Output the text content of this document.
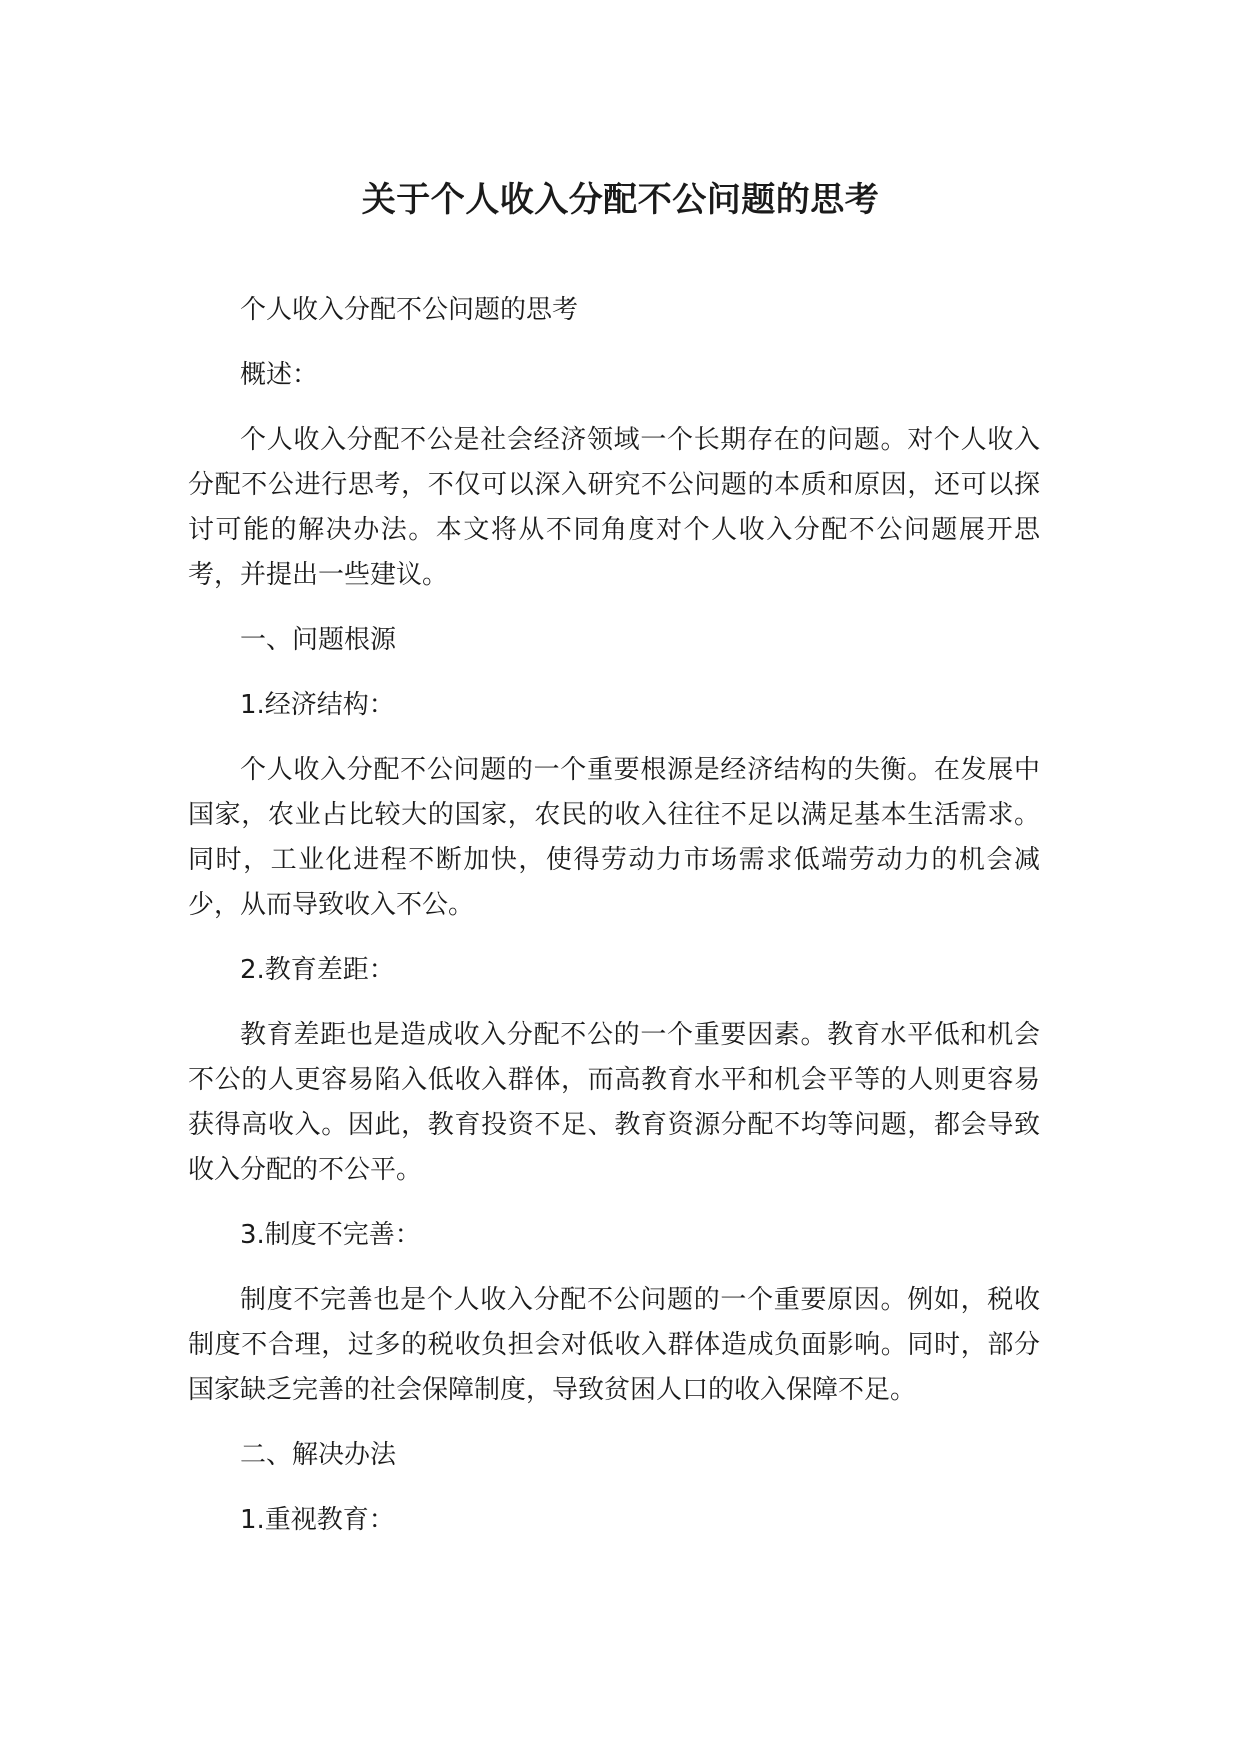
关于个人收入分配不公问题的思考

个人收入分配不公问题的思考

概述：

个人收入分配不公是社会经济领域一个长期存在的问题。对个人收入分配不公进行思考，不仅可以深入研究不公问题的本质和原因，还可以探讨可能的解决办法。本文将从不同角度对个人收入分配不公问题展开思考，并提出一些建议。

一、问题根源

1.经济结构：

个人收入分配不公问题的一个重要根源是经济结构的失衡。在发展中国家，农业占比较大的国家，农民的收入往往不足以满足基本生活需求。同时，工业化进程不断加快，使得劳动力市场需求低端劳动力的机会减少，从而导致收入不公。

2.教育差距：

教育差距也是造成收入分配不公的一个重要因素。教育水平低和机会不公的人更容易陷入低收入群体，而高教育水平和机会平等的人则更容易获得高收入。因此，教育投资不足、教育资源分配不均等问题，都会导致收入分配的不公平。

3.制度不完善：

制度不完善也是个人收入分配不公问题的一个重要原因。例如，税收制度不合理，过多的税收负担会对低收入群体造成负面影响。同时，部分国家缺乏完善的社会保障制度，导致贫困人口的收入保障不足。

二、解决办法

1.重视教育：
